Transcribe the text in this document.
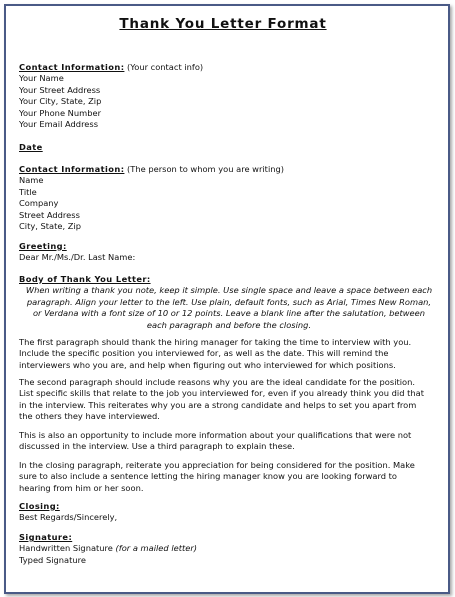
Thank You Letter Format
Contact Information: (Your contact info)
Your Name
Your Street Address
Your City, State, Zip
Your Phone Number
Your Email Address
Date
Contact Information: (The person to whom you are writing)
Name
Title
Company
Street Address
City, State, Zip
Greeting:
Dear Mr./Ms./Dr. Last Name:
Body of Thank You Letter:
When writing a thank you note, keep it simple. Use single space and leave a space between each
paragraph. Align your letter to the left. Use plain, default fonts, such as Arial, Times New Roman,
or Verdana with a font size of 10 or 12 points. Leave a blank line after the salutation, between
each paragraph and before the closing.
The first paragraph should thank the hiring manager for taking the time to interview with you.
Include the specific position you interviewed for, as well as the date. This will remind the
interviewers who you are, and help when figuring out who interviewed for which positions.
The second paragraph should include reasons why you are the ideal candidate for the position.
List specific skills that relate to the job you interviewed for, even if you already think you did that
in the interview. This reiterates why you are a strong candidate and helps to set you apart from
the others they have interviewed.
This is also an opportunity to include more information about your qualifications that were not
discussed in the interview. Use a third paragraph to explain these.
In the closing paragraph, reiterate you appreciation for being considered for the position. Make
sure to also include a sentence letting the hiring manager know you are looking forward to
hearing from him or her soon.
Closing:
Best Regards/Sincerely,
Signature:
Handwritten Signature (for a mailed letter)
Typed Signature
